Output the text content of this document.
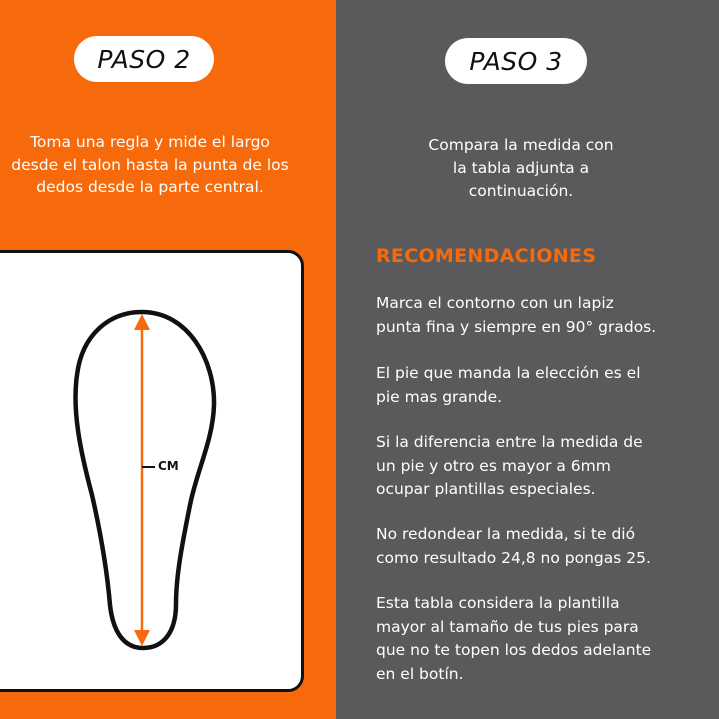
PASO 2
Toma una regla y mide el largo
desde el talon hasta la punta de los
dedos desde la parte central.
CM
PASO 3
Compara la medida con
la tabla adjunta a
continuación.
RECOMENDACIONES
Marca el contorno con un lapiz
punta fina y siempre en 90° grados.
El pie que manda la elección es el
pie mas grande.
Si la diferencia entre la medida de
un pie y otro es mayor a 6mm
ocupar plantillas especiales.
No redondear la medida, si te dió
como resultado 24,8 no pongas 25.
Esta tabla considera la plantilla
mayor al tamaño de tus pies para
que no te topen los dedos adelante
en el botín.
